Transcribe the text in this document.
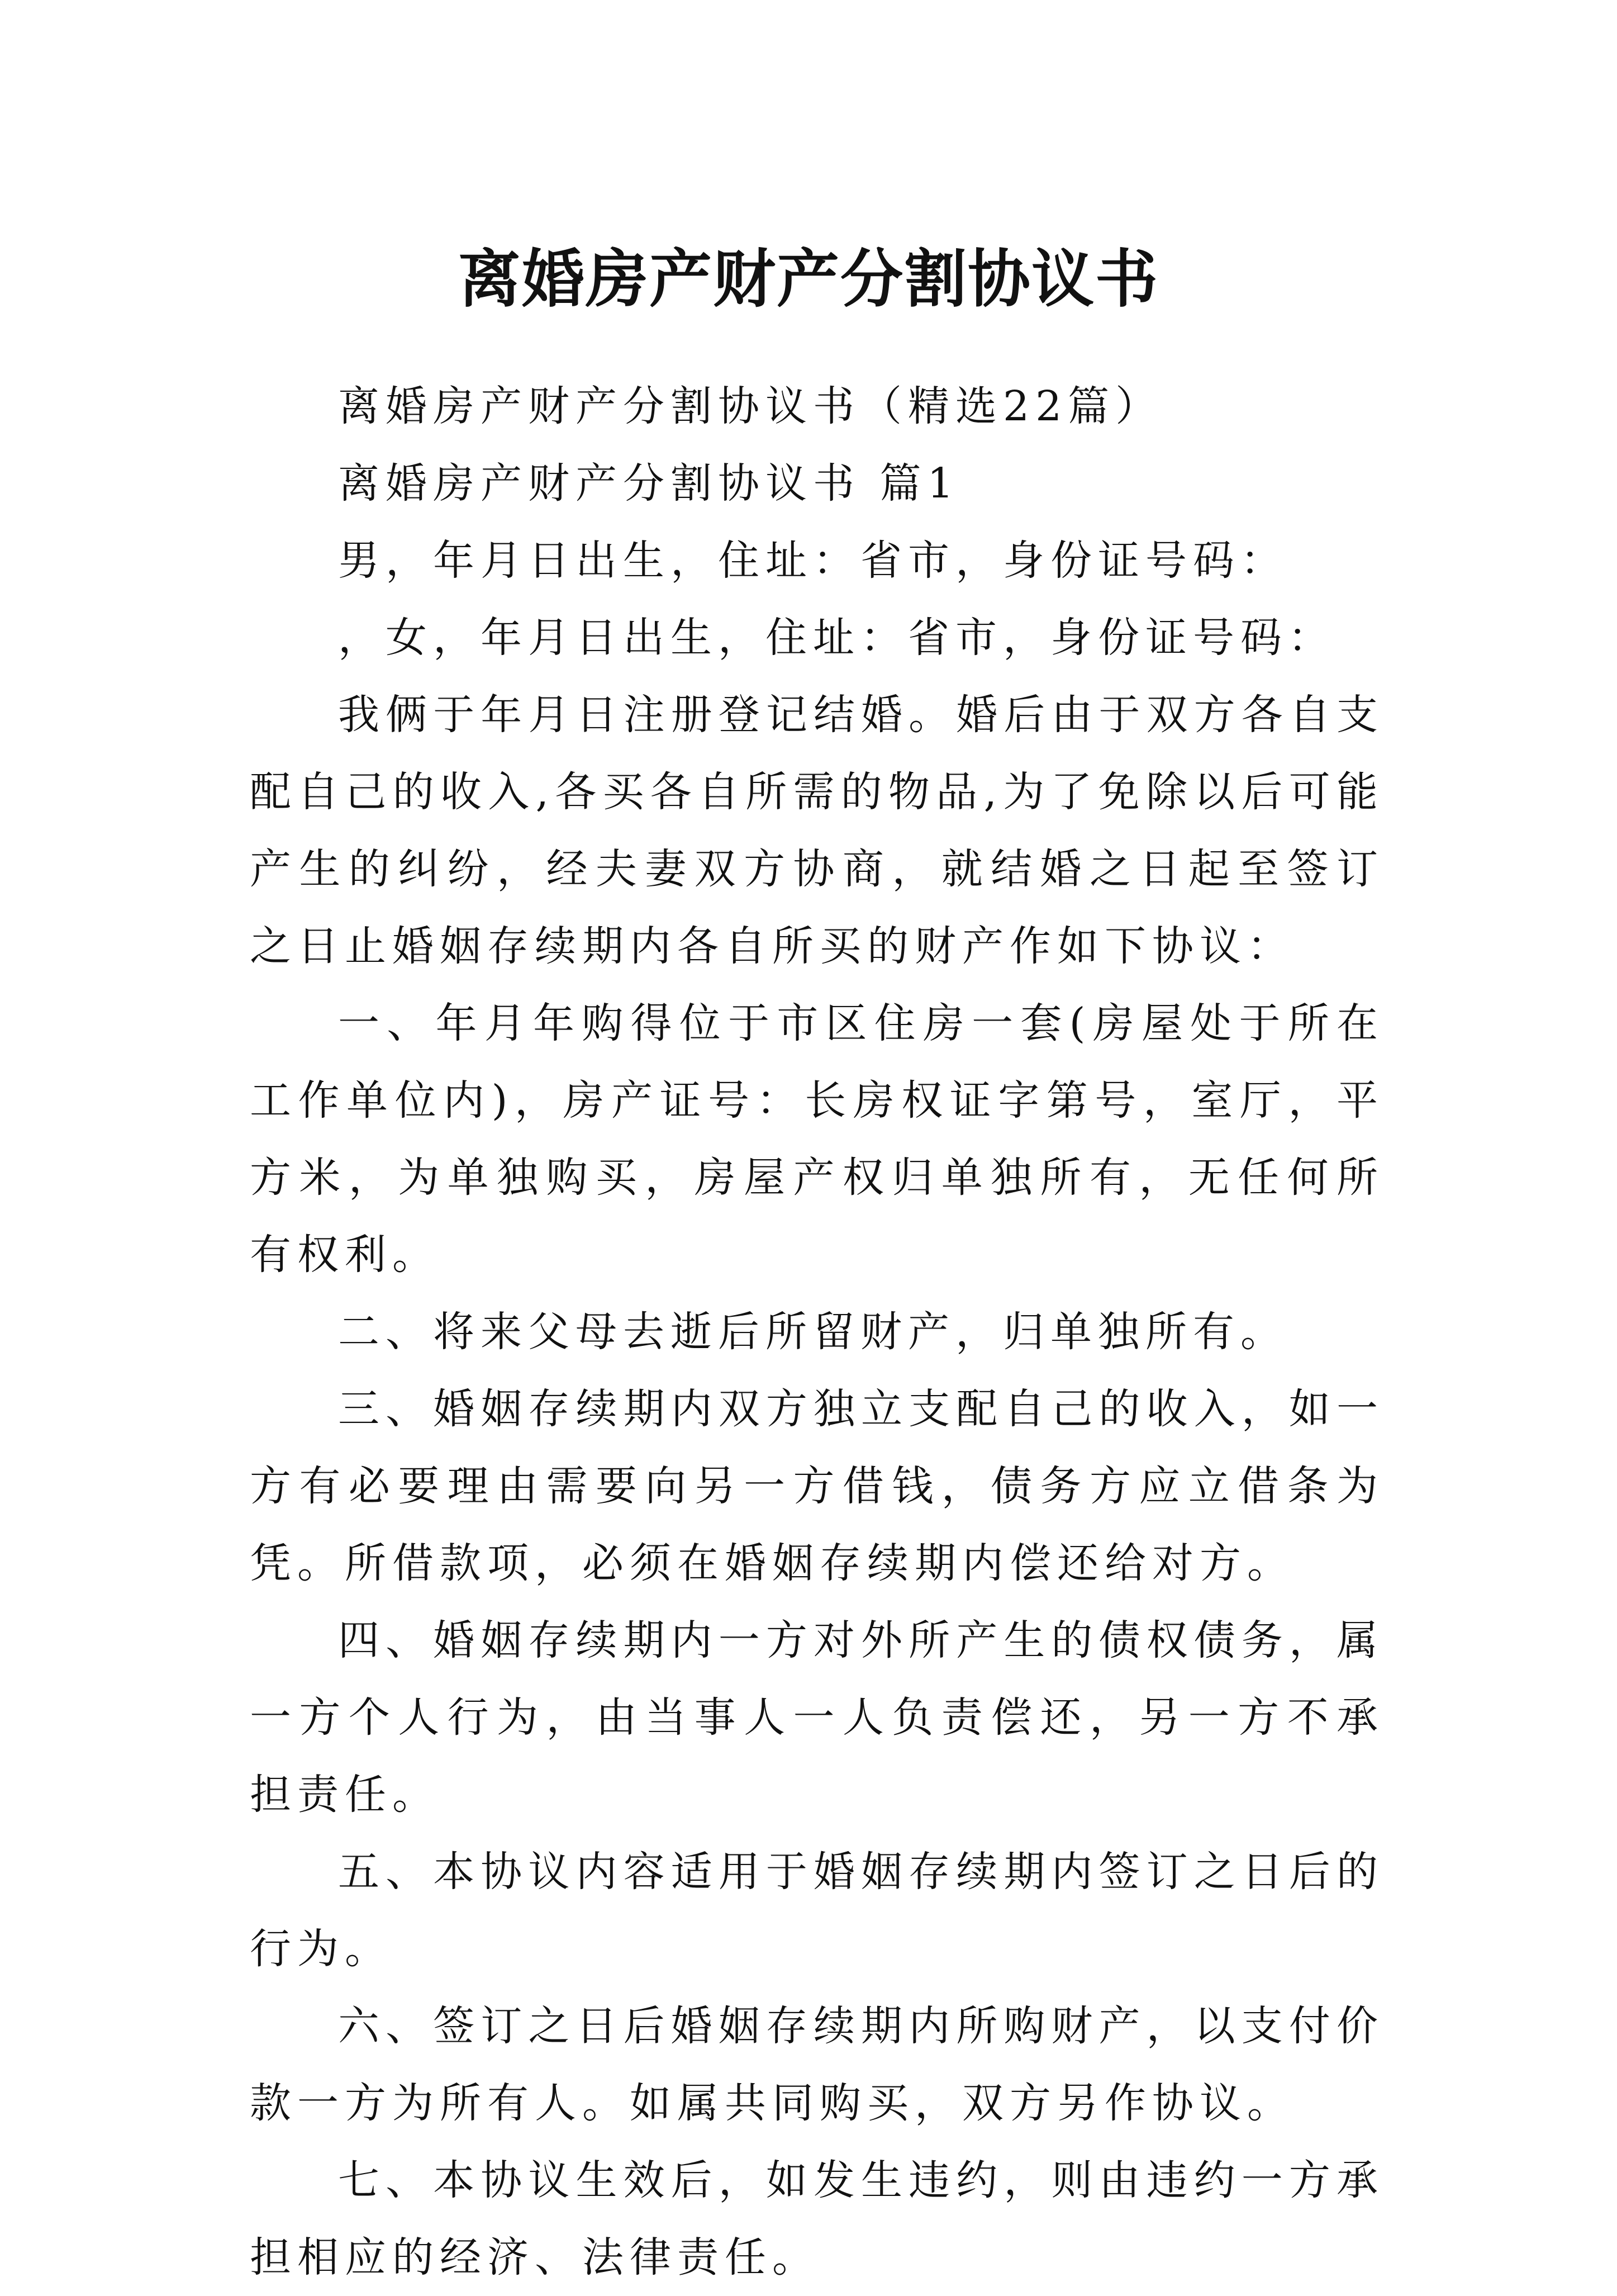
离婚房产财产分割协议书

离婚房产财产分割协议书（精选22篇）

离婚房产财产分割协议书 篇1

男，年月日出生，住址：省市，身份证号码：

，女，年月日出生，住址：省市，身份证号码：

我俩于年月日注册登记结婚。婚后由于双方各自支配自己的收入,各买各自所需的物品,为了免除以后可能产生的纠纷，经夫妻双方协商，就结婚之日起至签订之日止婚姻存续期内各自所买的财产作如下协议：

一、年月年购得位于市区住房一套(房屋处于所在工作单位内)，房产证号：长房权证字第号，室厅，平方米，为单独购买，房屋产权归单独所有，无任何所有权利。

二、将来父母去逝后所留财产，归单独所有。

三、婚姻存续期内双方独立支配自己的收入，如一方有必要理由需要向另一方借钱，债务方应立借条为凭。所借款项，必须在婚姻存续期内偿还给对方。

四、婚姻存续期内一方对外所产生的债权债务，属一方个人行为，由当事人一人负责偿还，另一方不承担责任。

五、本协议内容适用于婚姻存续期内签订之日后的行为。

六、签订之日后婚姻存续期内所购财产，以支付价款一方为所有人。如属共同购买，双方另作协议。

七、本协议生效后，如发生违约，则由违约一方承担相应的经济、法律责任。
